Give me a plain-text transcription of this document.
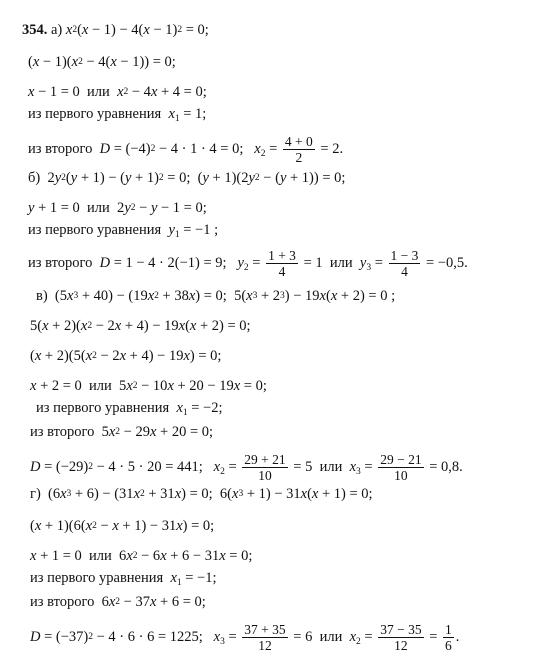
354. а) $x^2(x - 1) - 4(x - 1)^2 = 0$;
$(x - 1)(x^2 - 4(x - 1)) = 0$;
x − 1 = 0  или  $x^2 - 4x + 4 = 0$;
из первого уравнения  $x_1 = 1$;
из второго  $D = (-4)^2 - 4 \cdot 1 \cdot 4 = 0$;   $x_2 = \frac{4 + 0}{2} = 2$.
б)  $2y^2(y + 1) - (y + 1)^2 = 0$;  $(y + 1)(2y^2 - (y + 1)) = 0$;
y + 1 = 0  или  $2y^2 - y - 1 = 0$;
из первого уравнения  $y_1 = -1$ ;
из второго  D = 1 − 4 · 2(−1) = 9;   $y_2 = \frac{1 + 3}{4} = 1$  или  $y_3 = \frac{1 - 3}{4} = -0,5$.
в)  $(5x^3 + 40) - (19x^2 + 38x) = 0$;  $5(x^3 + 2^3) - 19x(x + 2) = 0$ ;
$5(x + 2)(x^2 - 2x + 4) - 19x(x + 2) = 0$;
$(x + 2)(5(x^2 - 2x + 4) - 19x) = 0$;
x + 2 = 0  или  $5x^2 - 10x + 20 - 19x = 0$;
из первого уравнения  $x_1 = -2$;
из второго  $5x^2 - 29x + 20 = 0$;
$D = (-29)^2 - 4 \cdot 5 \cdot 20 = 441$;   $x_2 = \frac{29 + 21}{10} = 5$  или  $x_3 = \frac{29 - 21}{10} = 0,8$.
г)  $(6x^3 + 6) - (31x^2 + 31x) = 0$;  $6(x^3 + 1) - 31x(x + 1) = 0$;
$(x + 1)(6(x^2 - x + 1) - 31x) = 0$;
x + 1 = 0  или  $6x^2 - 6x + 6 - 31x = 0$;
из первого уравнения  $x_1 = -1$;
из второго  $6x^2 - 37x + 6 = 0$;
$D = (-37)^2 - 4 \cdot 6 \cdot 6 = 1225$;   $x_3 = \frac{37 + 35}{12} = 6$  или  $x_2 = \frac{37 - 35}{12} = \frac{1}{6}$ .
